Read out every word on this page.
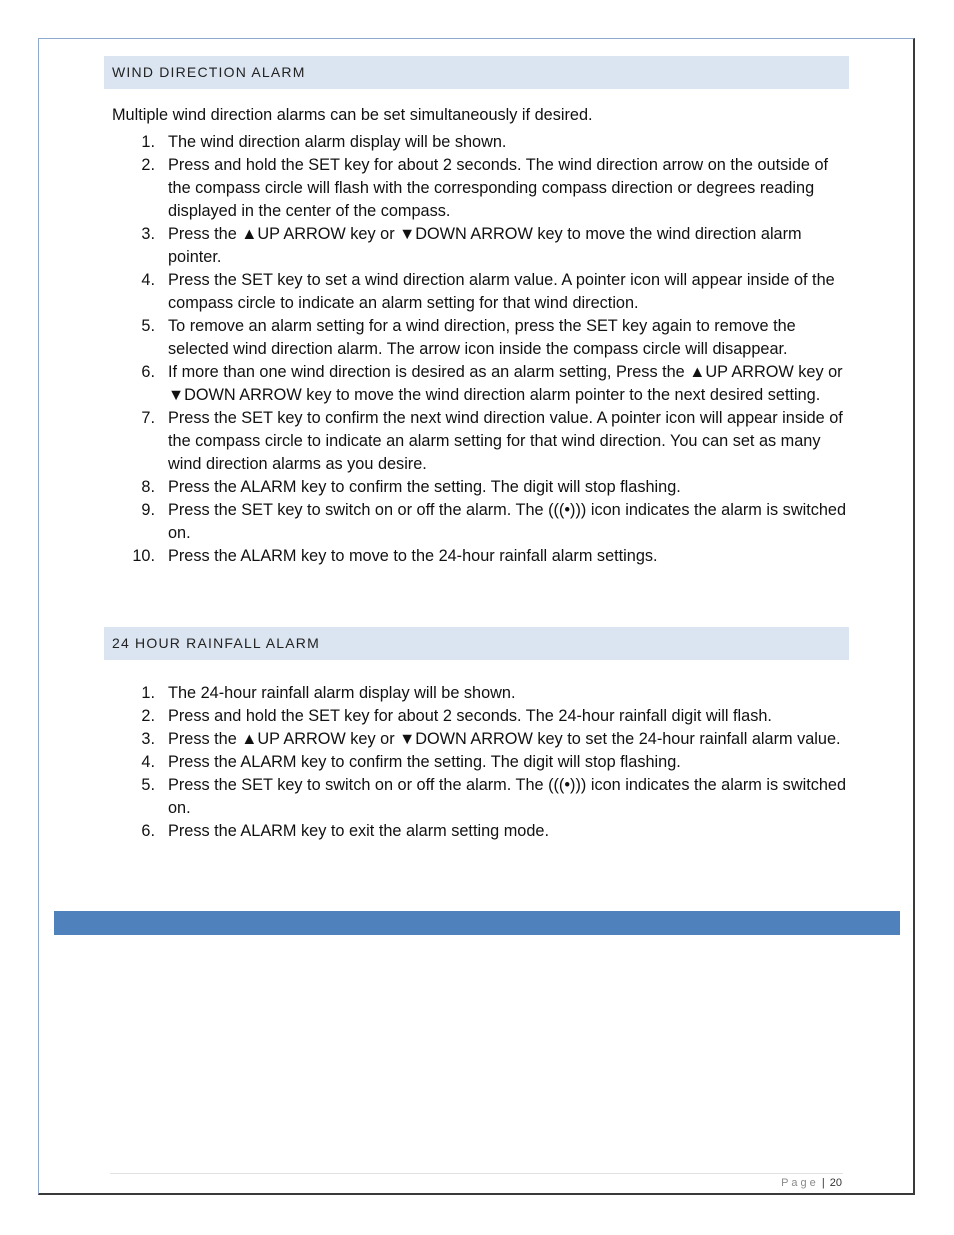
WIND DIRECTION ALARM
Multiple wind direction alarms can be set simultaneously if desired.
1. The wind direction alarm display will be shown.
2. Press and hold the SET key for about 2 seconds. The wind direction arrow on the outside of the compass circle will flash with the corresponding compass direction or degrees reading displayed in the center of the compass.
3. Press the ▲UP ARROW key or ▼DOWN ARROW key to move the wind direction alarm pointer.
4. Press the SET key to set a wind direction alarm value. A pointer icon will appear inside of the compass circle to indicate an alarm setting for that wind direction.
5. To remove an alarm setting for a wind direction, press the SET key again to remove the selected wind direction alarm. The arrow icon inside the compass circle will disappear.
6. If more than one wind direction is desired as an alarm setting, Press the ▲UP ARROW key or ▼DOWN ARROW key to move the wind direction alarm pointer to the next desired setting.
7. Press the SET key to confirm the next wind direction value. A pointer icon will appear inside of the compass circle to indicate an alarm setting for that wind direction. You can set as many wind direction alarms as you desire.
8. Press the ALARM key to confirm the setting. The digit will stop flashing.
9. Press the SET key to switch on or off the alarm. The (((•))) icon indicates the alarm is switched on.
10. Press the ALARM key to move to the 24-hour rainfall alarm settings.
24 HOUR RAINFALL ALARM
1. The 24-hour rainfall alarm display will be shown.
2. Press and hold the SET key for about 2 seconds. The 24-hour rainfall digit will flash.
3. Press the ▲UP ARROW key or ▼DOWN ARROW key to set the 24-hour rainfall alarm value.
4. Press the ALARM key to confirm the setting. The digit will stop flashing.
5. Press the SET key to switch on or off the alarm. The (((•))) icon indicates the alarm is switched on.
6. Press the ALARM key to exit the alarm setting mode.
Page | 20
